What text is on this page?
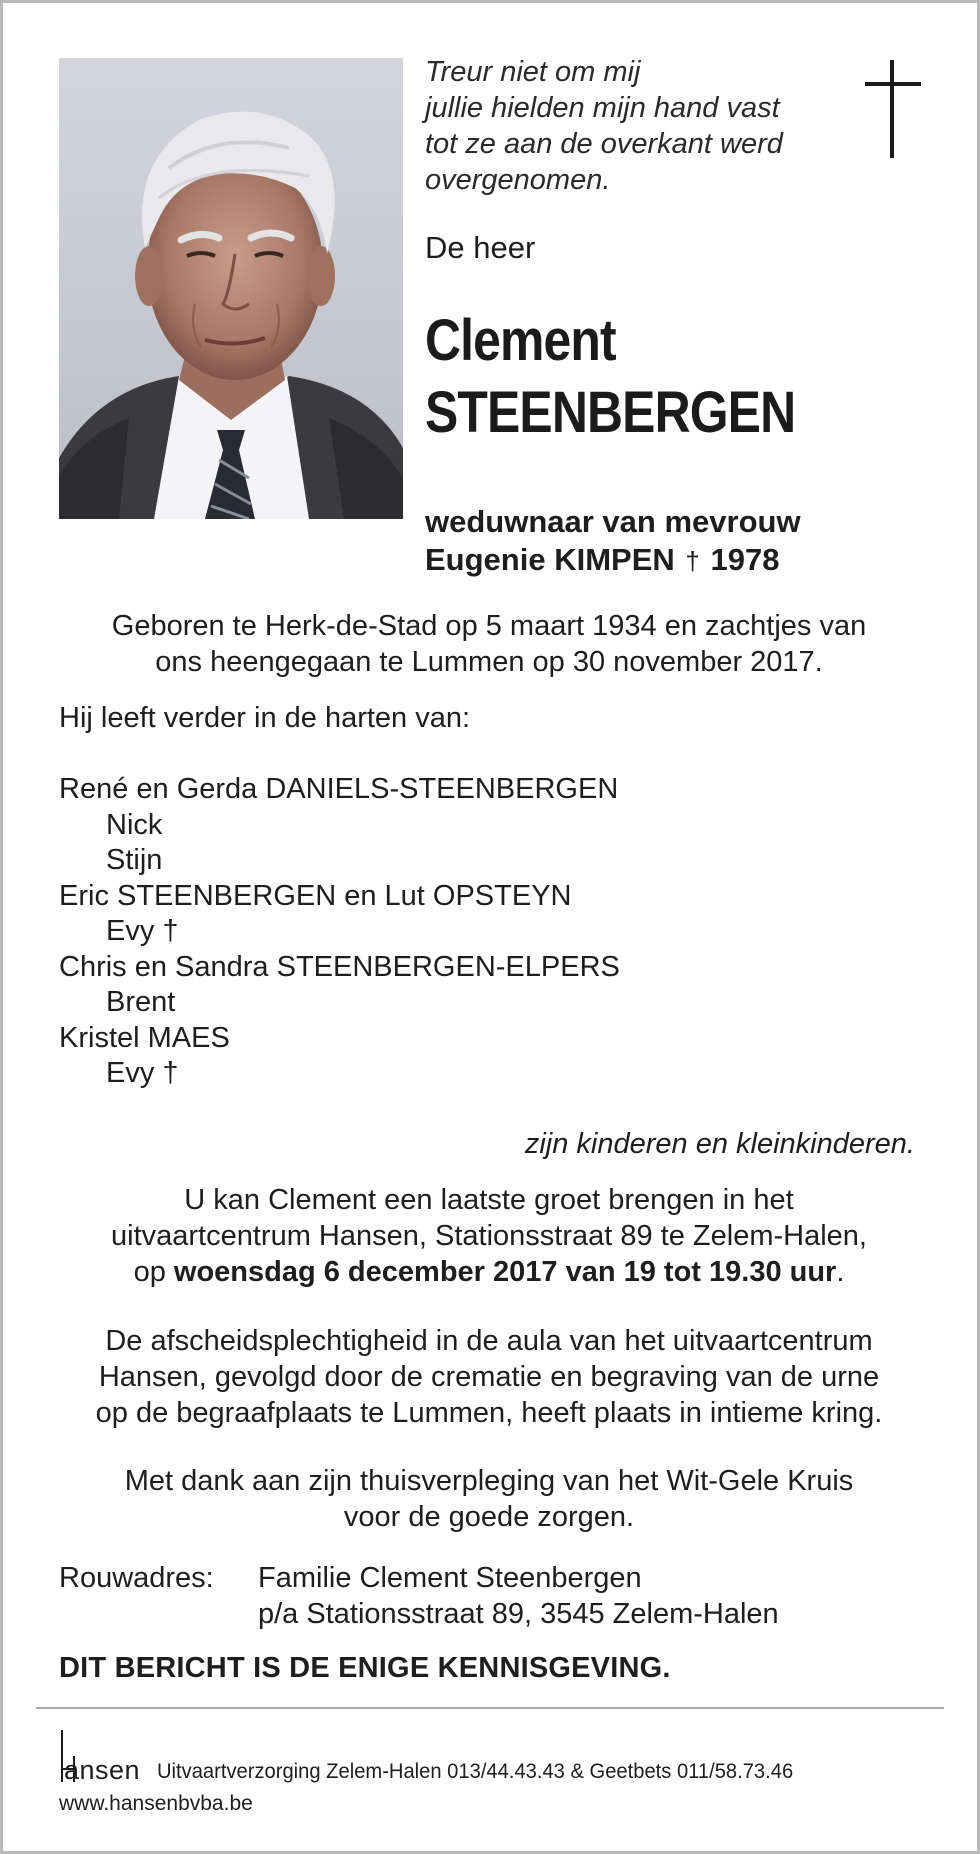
Treur niet om mij
jullie hielden mijn hand vast
tot ze aan de overkant werd
overgenomen.
De heer
Clement
STEENBERGEN
weduwnaar van mevrouw
Eugenie KIMPEN † 1978
Geboren te Herk-de-Stad op 5 maart 1934 en zachtjes van
ons heengegaan te Lummen op 30 november 2017.
Hij leeft verder in de harten van:
René en Gerda DANIELS-STEENBERGEN
Nick
Stijn
Eric STEENBERGEN en Lut OPSTEYN
Evy †
Chris en Sandra STEENBERGEN-ELPERS
Brent
Kristel MAES
Evy †
zijn kinderen en kleinkinderen.
U kan Clement een laatste groet brengen in het
uitvaartcentrum Hansen, Stationsstraat 89 te Zelem-Halen,
op woensdag 6 december 2017 van 19 tot 19.30 uur.
De afscheidsplechtigheid in de aula van het uitvaartcentrum
Hansen, gevolgd door de crematie en begraving van de urne
op de begraafplaats te Lummen, heeft plaats in intieme kring.
Met dank aan zijn thuisverpleging van het Wit-Gele Kruis
voor de goede zorgen.
Rouwadres: Familie Clement Steenbergen
p/a Stationsstraat 89, 3545 Zelem-Halen
DIT BERICHT IS DE ENIGE KENNISGEVING.
ansen Uitvaartverzorging Zelem-Halen 013/44.43.43 & Geetbets 011/58.73.46
www.hansenbvba.be
